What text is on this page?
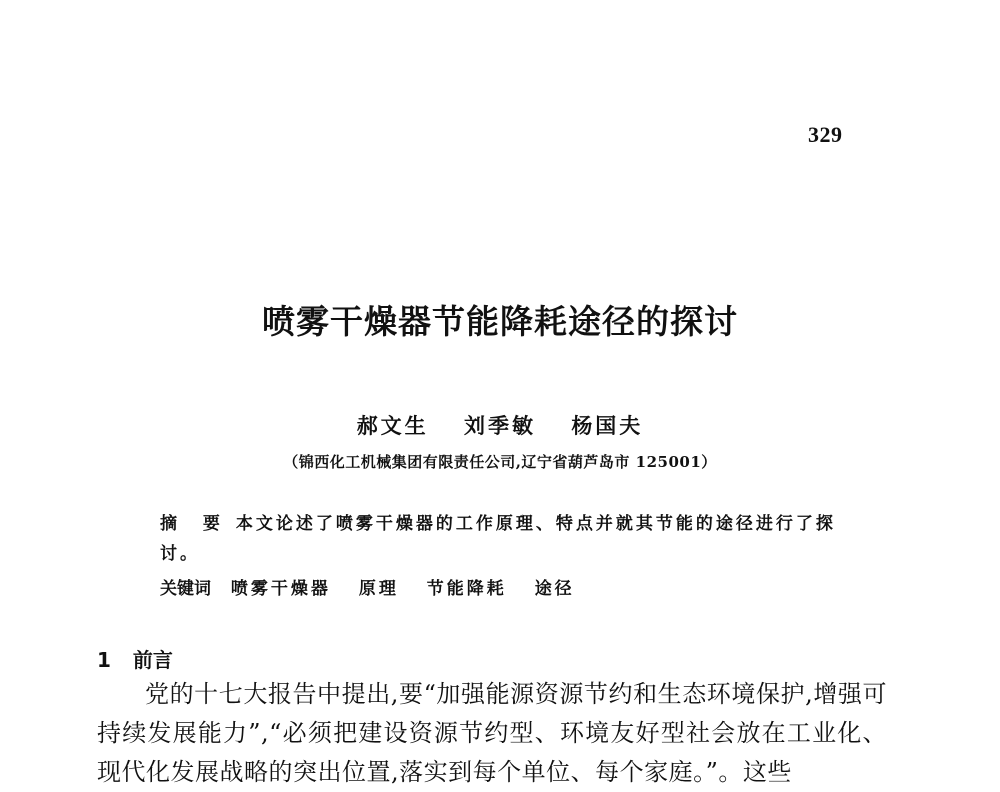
329
喷雾干燥器节能降耗途径的探讨
郝文生 刘季敏 杨国夫
（锦西化工机械集团有限责任公司,辽宁省葫芦岛市 125001）
摘 要 本文论述了喷雾干燥器的工作原理、特点并就其节能的途径进行了探讨。
关键词 喷雾干燥器 原理 节能降耗 途径
1 前言
党的十七大报告中提出,要“加强能源资源节约和生态环境保护,增强可持续发展能力”,“必须把建设资源节约型、环境友好型社会放在工业化、现代化发展战略的突出位置,落实到每个单位、每个家庭。”。这些
